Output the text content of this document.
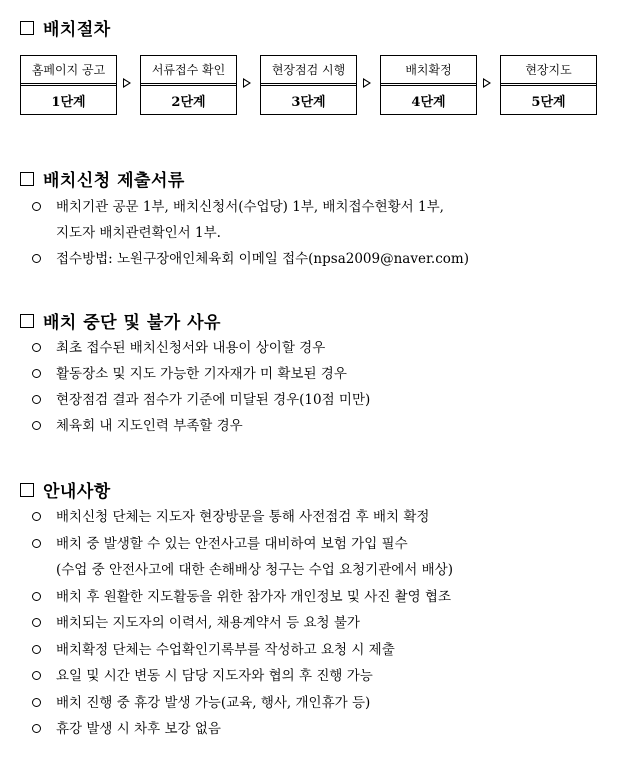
배치절차
홈페이지 공고
1단계
서류접수 확인
2단계
현장점검 시행
3단계
배치확정
4단계
현장지도
5단계
배치신청 제출서류
배치기관 공문 1부, 배치신청서(수업당) 1부, 배치접수현황서 1부,
지도자 배치관련확인서 1부.
접수방법: 노원구장애인체육회 이메일 접수(npsa2009@naver.com)
배치 중단 및 불가 사유
최초 접수된 배치신청서와 내용이 상이할 경우
활동장소 및 지도 가능한 기자재가 미 확보된 경우
현장점검 결과 점수가 기준에 미달된 경우(10점 미만)
체육회 내 지도인력 부족할 경우
안내사항
배치신청 단체는 지도자 현장방문을 통해 사전점검 후 배치 확정
배치 중 발생할 수 있는 안전사고를 대비하여 보험 가입 필수
(수업 중 안전사고에 대한 손해배상 청구는 수업 요청기관에서 배상)
배치 후 원활한 지도활동을 위한 참가자 개인정보 및 사진 촬영 협조
배치되는 지도자의 이력서, 채용계약서 등 요청 불가
배치확정 단체는 수업확인기록부를 작성하고 요청 시 제출
요일 및 시간 변동 시 담당 지도자와 협의 후 진행 가능
배치 진행 중 휴강 발생 가능(교육, 행사, 개인휴가 등)
휴강 발생 시 차후 보강 없음
